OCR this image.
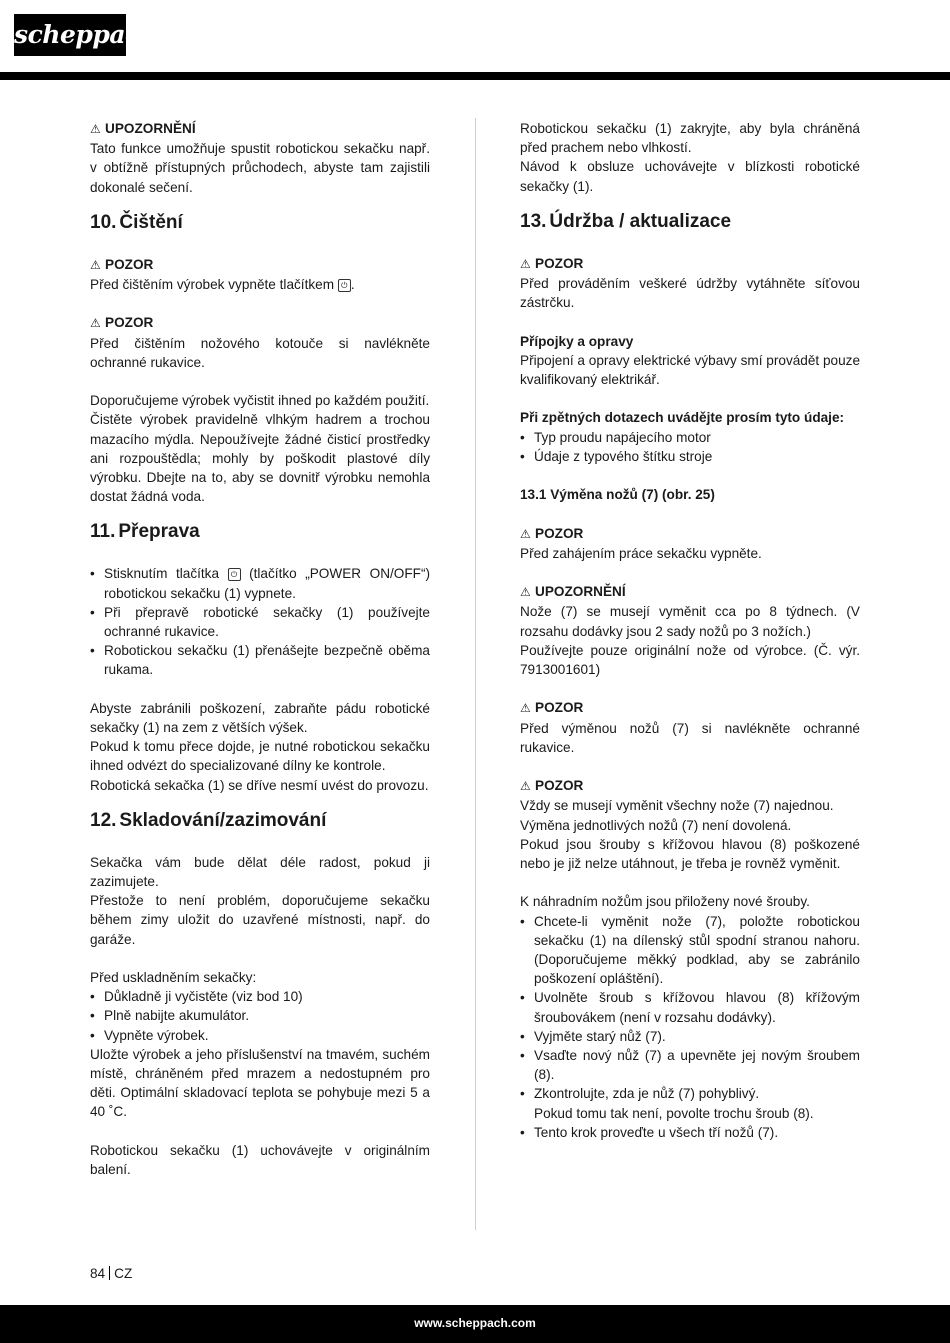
scheppach

⚠ UPOZORNĚNÍ

Tato funkce umožňuje spustit robotickou sekačku např. v obtížně přístupných průchodech, abyste tam zajistili dokonalé sečení.

10. Čištění

⚠ POZOR

Před čištěním výrobek vypněte tlačítkem ⏻ .

⚠ POZOR

Před čištěním nožového kotouče si navlékněte ochranné rukavice.

Doporučujeme výrobek vyčistit ihned po každém použití.

Čistěte výrobek pravidelně vlhkým hadrem a trochou mazacího mýdla. Nepoužívejte žádné čisticí prostředky ani rozpouštědla; mohly by poškodit plastové díly výrobku. Dbejte na to, aby se dovnitř výrobku nemohla dostat žádná voda.

11. Přeprava
• Stisknutím tlačítka ⏻ (tlačítko „POWER ON/OFF“) robotickou sekačku (1) vypnete.
• Při přepravě robotické sekačky (1) používejte ochranné rukavice.
• Robotickou sekačku (1) přenášejte bezpečně oběma rukama.

Abyste zabránili poškození, zabraňte pádu robotické sekačky (1) na zem z větších výšek.

Pokud k tomu přece dojde, je nutné robotickou sekačku ihned odvézt do specializované dílny ke kontrole.

Robotická sekačka (1) se dříve nesmí uvést do provozu.

12. Skladování/zazimování

Sekačka vám bude dělat déle radost, pokud ji zazimujete.

Přestože to není problém, doporučujeme sekačku během zimy uložit do uzavřené místnosti, např. do garáže.

Před uskladněním sekačky:

• Důkladně ji vyčistěte (viz bod 10)
• Plně nabijte akumulátor.
• Vypněte výrobek.

Uložte výrobek a jeho příslušenství na tmavém, suchém místě, chráněném před mrazem a nedostupném pro děti. Optimální skladovací teplota se pohybuje mezi 5 a 40 ˚C.

Robotickou sekačku (1) uchovávejte v originálním balení.

Robotickou sekačku (1) zakryjte, aby byla chráněná před prachem nebo vlhkostí.

Návod k obsluze uchovávejte v blízkosti robotické sekačky (1).

13. Údržba / aktualizace

⚠ POZOR

Před prováděním veškeré údržby vytáhněte síťovou zástrčku.

Přípojky a opravy

Připojení a opravy elektrické výbavy smí provádět pouze kvalifikovaný elektrikář.

Při zpětných dotazech uvádějte prosím tyto údaje:

• Typ proudu napájecího motor
• Údaje z typového štítku stroje

13.1 Výměna nožů (7) (obr. 25)

⚠ POZOR

Před zahájením práce sekačku vypněte.

⚠ UPOZORNĚNÍ

Nože (7) se musejí vyměnit cca po 8 týdnech. (V rozsahu dodávky jsou 2 sady nožů po 3 nožích.)

Používejte pouze originální nože od výrobce. (Č. výr. 7913001601)

⚠ POZOR

Před výměnou nožů (7) si navlékněte ochranné rukavice.

⚠ POZOR

Vždy se musejí vyměnit všechny nože (7) najednou.

Výměna jednotlivých nožů (7) není dovolená.

Pokud jsou šrouby s křížovou hlavou (8) poškozené nebo je již nelze utáhnout, je třeba je rovněž vyměnit.

K náhradním nožům jsou přiloženy nové šrouby.

• Chcete-li vyměnit nože (7), položte robotickou sekačku (1) na dílenský stůl spodní stranou nahoru. (Doporučujeme měkký podklad, aby se zabránilo poškození opláštění).
• Uvolněte šroub s křížovou hlavou (8) křížovým šroubovákem (není v rozsahu dodávky).
• Vyjměte starý nůž (7).
• Vsaďte nový nůž (7) a upevněte jej novým šroubem (8).
• Zkontrolujte, zda je nůž (7) pohyblivý.
Pokud tomu tak není, povolte trochu šroub (8).
• Tento krok proveďte u všech tří nožů (7).
84 CZ
www.scheppach.com
